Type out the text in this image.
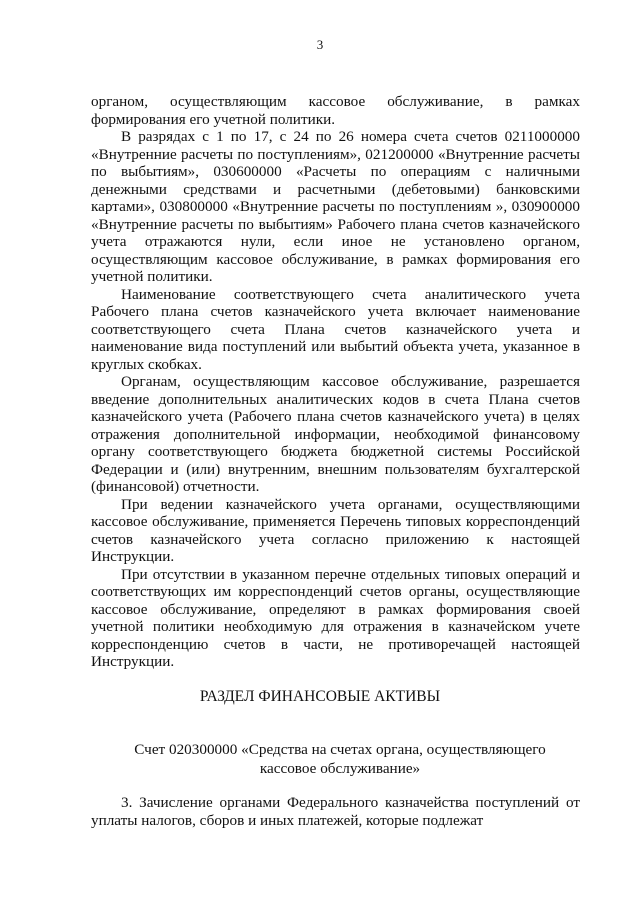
3

органом, осуществляющим кассовое обслуживание, в рамках формирования его учетной политики.

В разрядах с 1 по 17, с 24 по 26 номера счета счетов 0211000000 «Внутренние расчеты по поступлениям», 021200000 «Внутренние расчеты по выбытиям», 030600000 «Расчеты по операциям с наличными денежными средствами и расчетными (дебетовыми) банковскими картами», 030800000 «Внутренние расчеты по поступлениям », 030900000 «Внутренние расчеты по выбытиям» Рабочего плана счетов казначейского учета отражаются нули, если иное не установлено органом, осуществляющим кассовое обслуживание, в рамках формирования его учетной политики.

Наименование соответствующего счета аналитического учета Рабочего плана счетов казначейского учета включает наименование соответствующего счета Плана счетов казначейского учета и наименование вида поступлений или выбытий объекта учета, указанное в круглых скобках.

Органам, осуществляющим кассовое обслуживание, разрешается введение дополнительных аналитических кодов в счета Плана счетов казначейского учета (Рабочего плана счетов казначейского учета) в целях отражения дополнительной информации, необходимой финансовому органу соответствующего бюджета бюджетной системы Российской Федерации и (или) внутренним, внешним пользователям бухгалтерской (финансовой) отчетности.

При ведении казначейского учета органами, осуществляющими кассовое обслуживание, применяется Перечень типовых корреспонденций счетов казначейского учета согласно приложению к настоящей Инструкции.

При отсутствии в указанном перечне отдельных типовых операций и соответствующих им корреспонденций счетов органы, осуществляющие кассовое обслуживание, определяют в рамках формирования своей учетной политики необходимую для отражения в казначейском учете корреспонденцию счетов в части, не противоречащей настоящей Инструкции.

РАЗДЕЛ ФИНАНСОВЫЕ АКТИВЫ
Счет 020300000 «Средства на счетах органа, осуществляющего кассовое обслуживание»

3. Зачисление органами Федерального казначейства поступлений от уплаты налогов, сборов и иных платежей, которые подлежат
